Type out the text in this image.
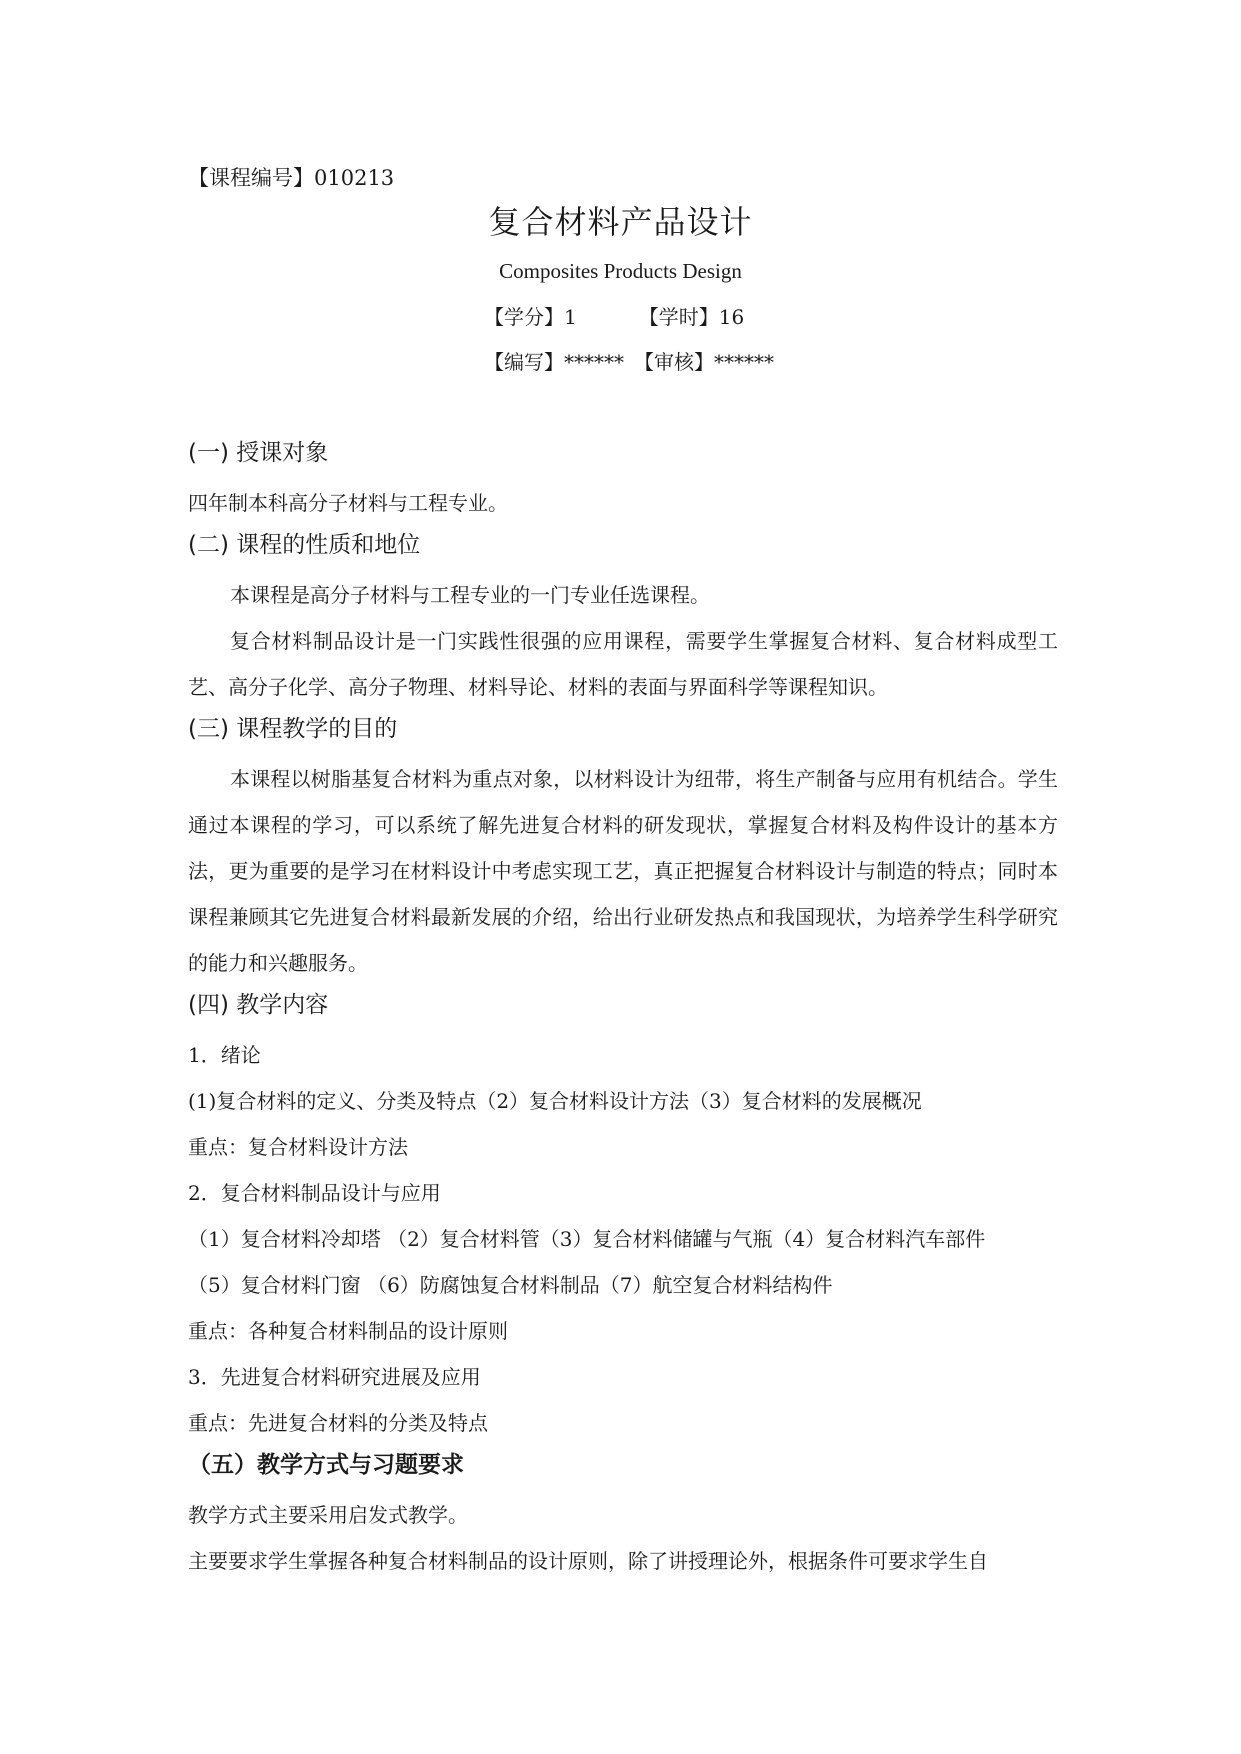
【课程编号】010213
复合材料产品设计
Composites Products Design
【学分】1	【学时】16
【编写】****** 【审核】******
(一) 授课对象

四年制本科高分子材料与工程专业。

(二) 课程的性质和地位

本课程是高分子材料与工程专业的一门专业任选课程。

复合材料制品设计是一门实践性很强的应用课程，需要学生掌握复合材料、复合材料成型工艺、高分子化学、高分子物理、材料导论、材料的表面与界面科学等课程知识。

(三) 课程教学的目的

本课程以树脂基复合材料为重点对象，以材料设计为纽带，将生产制备与应用有机结合。学生通过本课程的学习，可以系统了解先进复合材料的研发现状，掌握复合材料及构件设计的基本方法，更为重要的是学习在材料设计中考虑实现工艺，真正把握复合材料设计与制造的特点；同时本课程兼顾其它先进复合材料最新发展的介绍，给出行业研发热点和我国现状，为培养学生科学研究的能力和兴趣服务。

(四) 教学内容

1．绪论

(1)复合材料的定义、分类及特点（2）复合材料设计方法（3）复合材料的发展概况

重点：复合材料设计方法

2．复合材料制品设计与应用

（1）复合材料冷却塔 （2）复合材料管（3）复合材料储罐与气瓶（4）复合材料汽车部件

（5）复合材料门窗 （6）防腐蚀复合材料制品（7）航空复合材料结构件

重点：各种复合材料制品的设计原则

3．先进复合材料研究进展及应用

重点：先进复合材料的分类及特点

（五）教学方式与习题要求

教学方式主要采用启发式教学。

主要要求学生掌握各种复合材料制品的设计原则，除了讲授理论外，根据条件可要求学生自
